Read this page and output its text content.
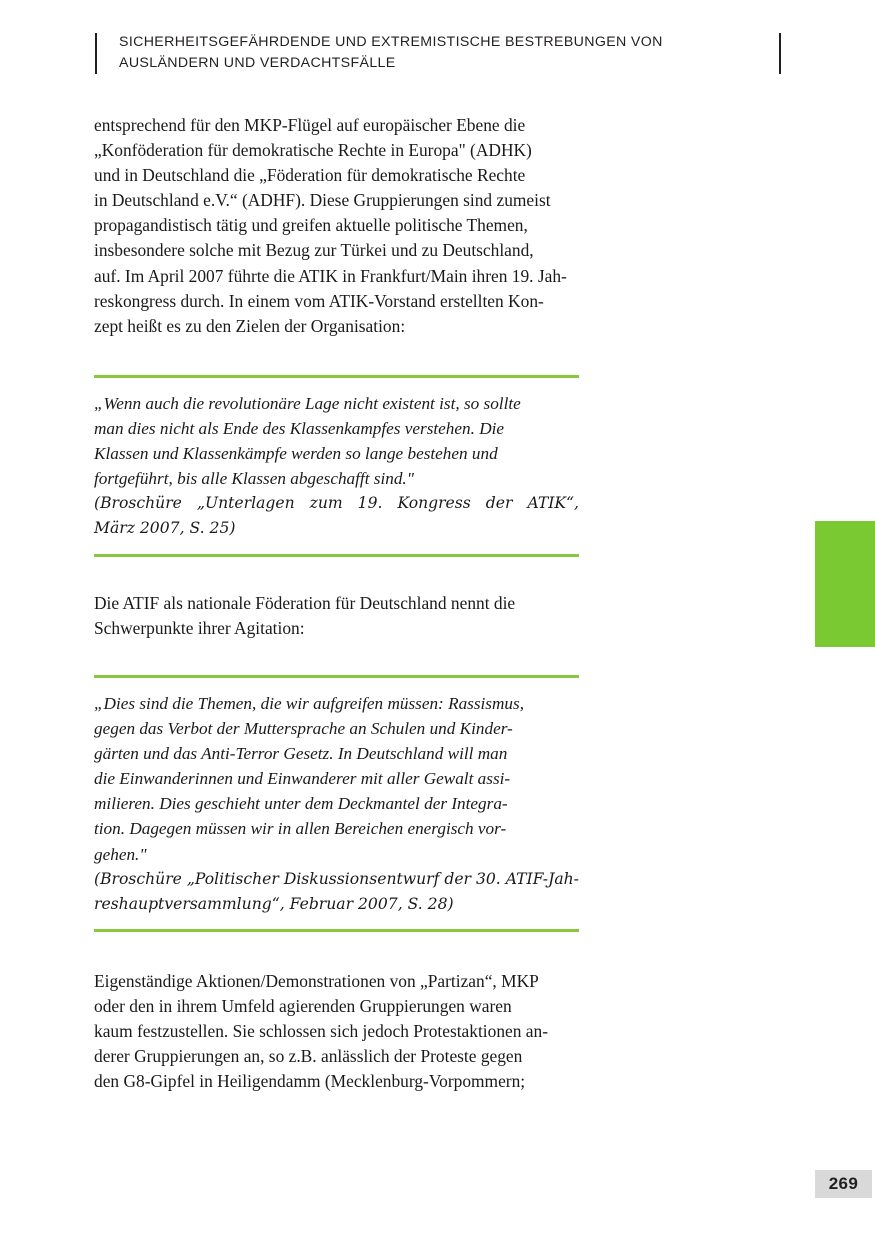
SICHERHEITSGEFÄHRDENDE UND EXTREMISTISCHE BESTREBUNGEN VON
AUSLÄNDERN UND VERDACHTSFÄLLE

entsprechend für den MKP-Flügel auf europäischer Ebene die
„Konföderation für demokratische Rechte in Europa" (ADHK)
und in Deutschland die „Föderation für demokratische Rechte
in Deutschland e.V.“ (ADHF). Diese Gruppierungen sind zumeist
propagandistisch tätig und greifen aktuelle politische Themen,
insbesondere solche mit Bezug zur Türkei und zu Deutschland,
auf. Im April 2007 führte die ATIK in Frankfurt/Main ihren 19. Jah-
reskongress durch. In einem vom ATIK-Vorstand erstellten Kon-
zept heißt es zu den Zielen der Organisation:

„Wenn auch die revolutionäre Lage nicht existent ist, so sollte
man dies nicht als Ende des Klassenkampfes verstehen. Die
Klassen und Klassenkämpfe werden so lange bestehen und
fortgeführt, bis alle Klassen abgeschafft sind."

(Broschüre „Unterlagen zum 19. Kongress der ATIK“,
März 2007, S. 25)

Die ATIF als nationale Föderation für Deutschland nennt die
Schwerpunkte ihrer Agitation:

„Dies sind die Themen, die wir aufgreifen müssen: Rassismus,
gegen das Verbot der Muttersprache an Schulen und Kinder-
gärten und das Anti-Terror Gesetz. In Deutschland will man
die Einwanderinnen und Einwanderer mit aller Gewalt assi-
milieren. Dies geschieht unter dem Deckmantel der Integra-
tion. Dagegen müssen wir in allen Bereichen energisch vor-
gehen."

(Broschüre „Politischer Diskussionsentwurf der 30. ATIF-Jah-
reshauptversammlung“, Februar 2007, S. 28)

Eigenständige Aktionen/Demonstrationen von „Partizan“, MKP
oder den in ihrem Umfeld agierenden Gruppierungen waren
kaum festzustellen. Sie schlossen sich jedoch Protestaktionen an-
derer Gruppierungen an, so z.B. anlässlich der Proteste gegen
den G8-Gipfel in Heiligendamm (Mecklenburg-Vorpommern;

269
